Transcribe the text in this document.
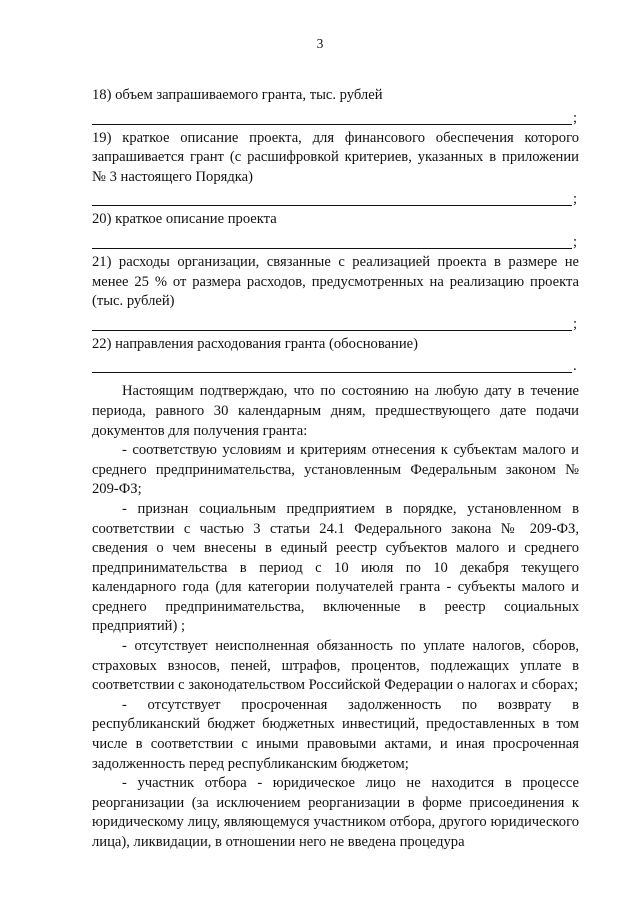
3

18) объем запрашиваемого гранта, тыс. рублей

;

19) краткое описание проекта, для финансового обеспечения которого запрашивается грант (с расшифровкой критериев, указанных в приложении № 3 настоящего Порядка)

;

20) краткое описание проекта

;

21) расходы организации, связанные с реализацией проекта в размере не менее 25 % от размера расходов, предусмотренных на реализацию проекта (тыс. рублей)

;

22) направления расходования гранта (обоснование)

.

Настоящим подтверждаю, что по состоянию на любую дату в течение периода, равного 30 календарным дням, предшествующего дате подачи документов для получения гранта:

- соответствую условиям и критериям отнесения к субъектам малого и среднего предпринимательства, установленным Федеральным законом № 209-ФЗ;

- признан социальным предприятием в порядке, установленном в соответствии с частью 3 статьи 24.1 Федерального закона № 209-ФЗ, сведения о чем внесены в единый реестр субъектов малого и среднего предпринимательства в период с 10 июля по 10 декабря текущего календарного года (для категории получателей гранта - субъекты малого и среднего предпринимательства, включенные в реестр социальных предприятий) ;

- отсутствует неисполненная обязанность по уплате налогов, сборов, страховых взносов, пеней, штрафов, процентов, подлежащих уплате в соответствии с законодательством Российской Федерации о налогах и сборах;

- отсутствует просроченная задолженность по возврату в республиканский бюджет бюджетных инвестиций, предоставленных в том числе в соответствии с иными правовыми актами, и иная просроченная задолженность перед республиканским бюджетом;

- участник отбора - юридическое лицо не находится в процессе реорганизации (за исключением реорганизации в форме присоединения к юридическому лицу, являющемуся участником отбора, другого юридического лица), ликвидации, в отношении него не введена процедура
